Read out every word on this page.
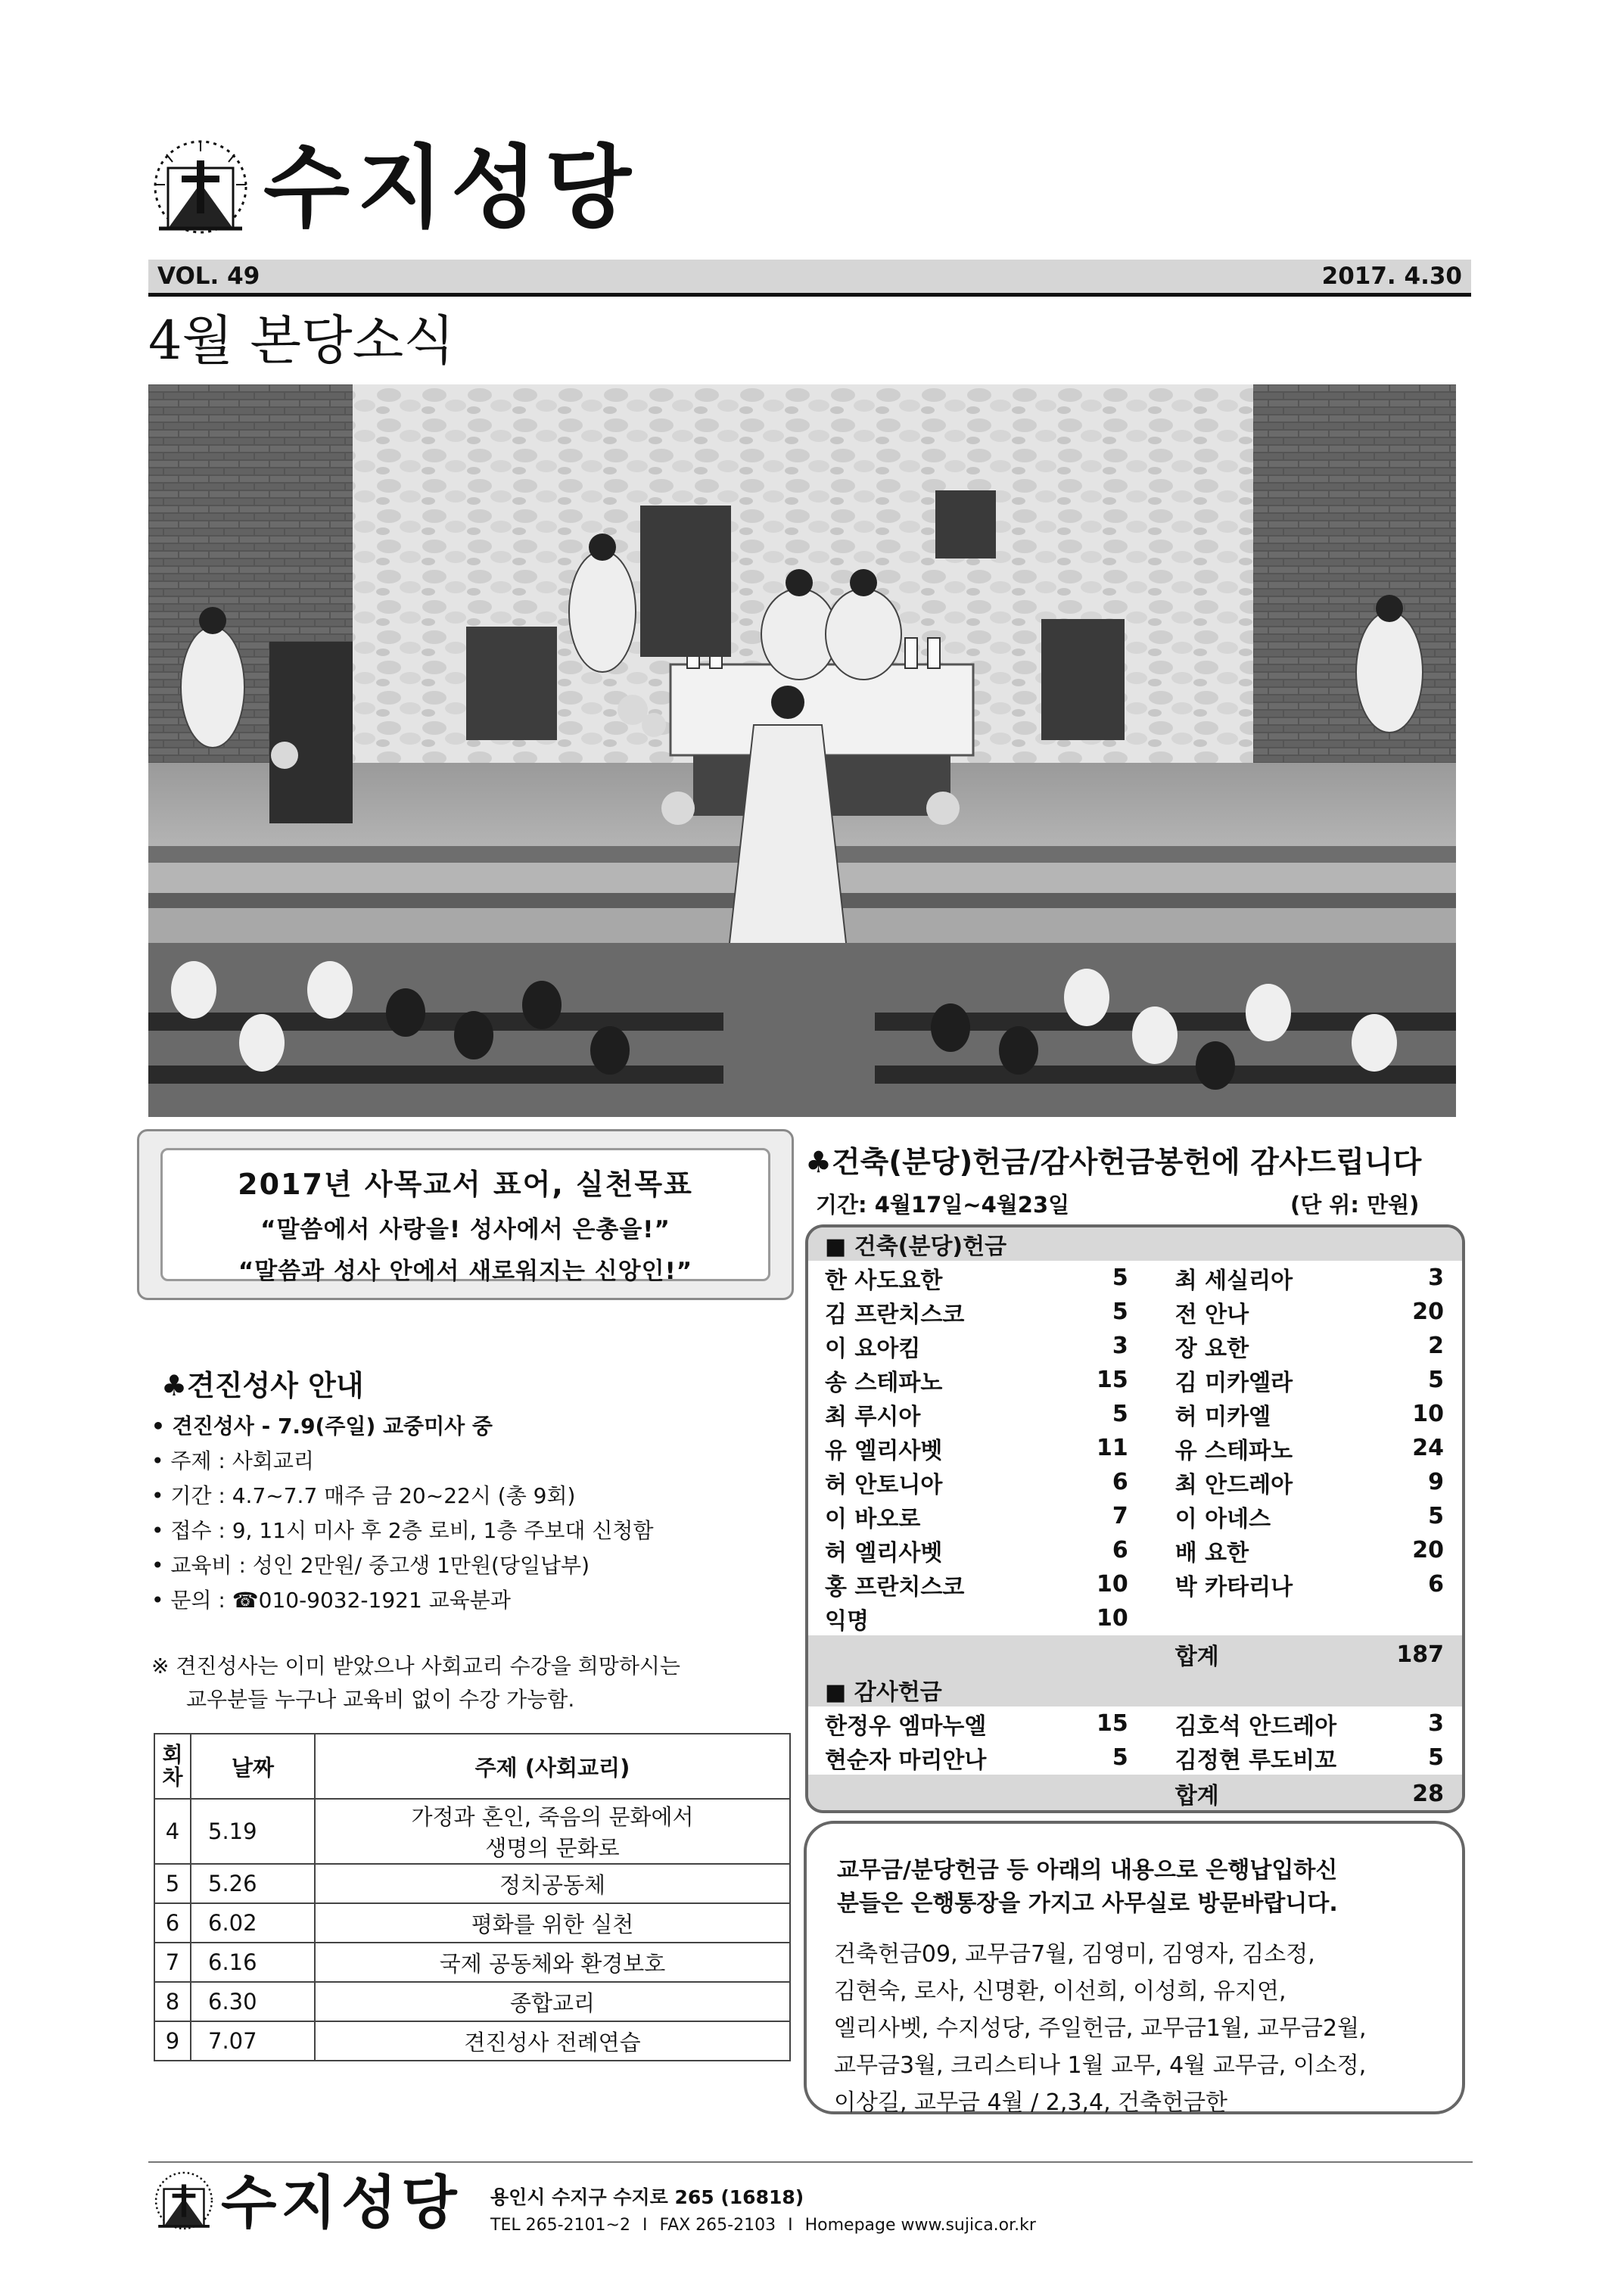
수지성당
VOL. 49	2017. 4.30
4월 본당소식
2017년 사목교서 표어, 실천목표
“말씀에서 사랑을! 성사에서 은총을!”
“말씀과 성사 안에서 새로워지는 신앙인!”
♣견진성사 안내
• 견진성사 - 7.9(주일) 교중미사 중
• 주제 : 사회교리
• 기간 : 4.7~7.7 매주 금 20~22시 (총 9회)
• 접수 : 9, 11시 미사 후 2층 로비, 1층 주보대 신청함
• 교육비 : 성인 2만원/ 중고생 1만원(당일납부)
• 문의 : ☎010-9032-1921 교육분과
※ 견진성사는 이미 받았으나 사회교리 수강을 희망하시는
교우분들 누구나 교육비 없이 수강 가능함.
회
차	날짜	주제 (사회교리)
4	5.19	가정과 혼인, 죽음의 문화에서
생명의 문화로

5	5.26	정치공동체
6	6.02	평화를 위한 실천
7	6.16	국제 공동체와 환경보호
8	6.30	종합교리
9	7.07	견진성사 전례연습
♣건축(분당)헌금/감사헌금봉헌에 감사드립니다
기간: 4월17일~4월23일	(단 위: 만원)
■ 건축(분당)헌금			
한 사도요한	5	최 세실리아	3
김 프란치스코	5	전 안나	20
이 요아킴	3	장 요한	2
송 스테파노	15	김 미카엘라	5
최 루시아	5	허 미카엘	10
유 엘리사벳	11	유 스테파노	24
허 안토니아	6	최 안드레아	9
이 바오로	7	이 아네스	5
허 엘리사벳	6	배 요한	20
홍 프란치스코	10	박 카타리나	6
익명	10		
		합계	187
■ 감사헌금			
한정우 엠마누엘	15	김호석 안드레아	3
현순자 마리안나	5	김정현 루도비꼬	5
		합계	28
교무금/분당헌금 등 아래의 내용으로 은행납입하신
분들은 은행통장을 가지고 사무실로 방문바랍니다.
건축헌금09, 교무금7월, 김영미, 김영자, 김소정,
김현숙, 로사, 신명환, 이선희, 이성희, 유지연,
엘리사벳, 수지성당, 주일헌금, 교무금1월, 교무금2월,
교무금3월, 크리스티나 1월 교무, 4월 교무금, 이소정,
이상길, 교무금 4월 / 2,3,4, 건축헌금한
수지성당 용인시 수지구 수지로 265 (16818)
TEL 265-2101~2 I FAX 265-2103 I Homepage www.sujica.or.kr
